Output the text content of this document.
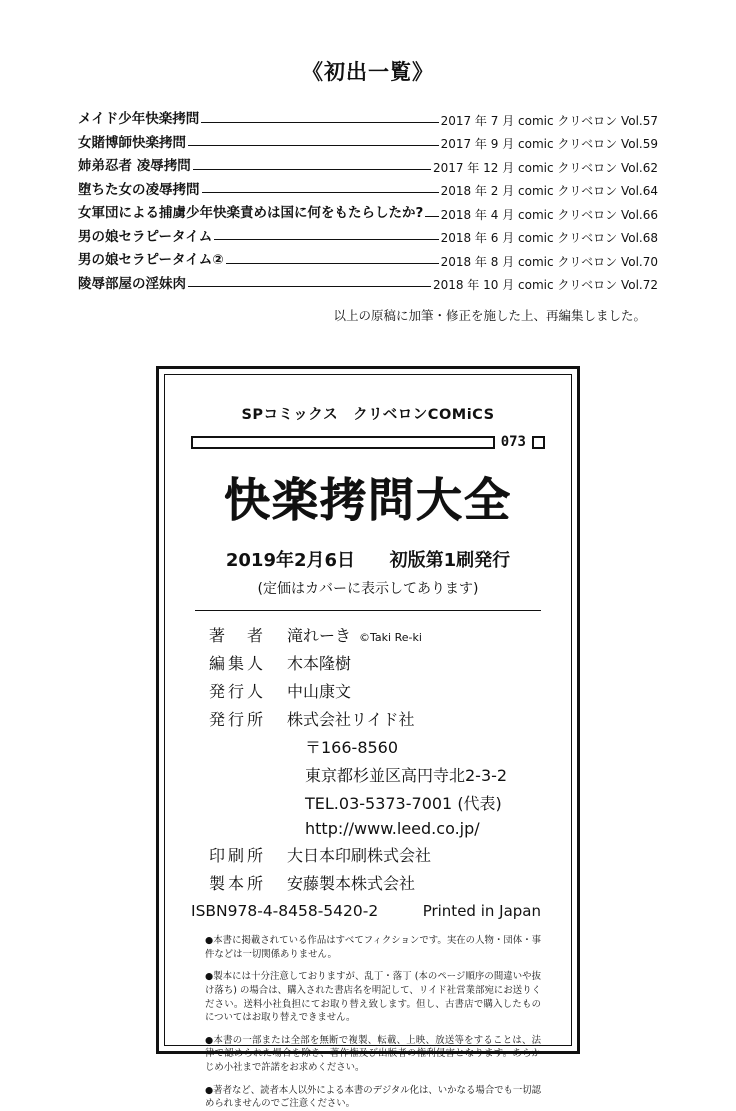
《初出一覧》
メイド少年快楽拷問	2017 年 7 月 comic クリベロン Vol.57
女賭博師快楽拷問	2017 年 9 月 comic クリベロン Vol.59
姉弟忍者 凌辱拷問	2017 年 12 月 comic クリベロン Vol.62
堕ちた女の凌辱拷問	2018 年 2 月 comic クリベロン Vol.64
女軍団による捕虜少年快楽責めは国に何をもたらしたか? 2018 年 4 月 comic クリベロン Vol.66
男の娘セラピータイム	2018 年 6 月 comic クリベロン Vol.68
男の娘セラピータイム②	2018 年 8 月 comic クリベロン Vol.70
陵辱部屋の淫妹肉	2018 年 10 月 comic クリベロン Vol.72
以上の原稿に加筆・修正を施した上、再編集しました。
SPコミックス　クリベロンCOMiCS
073
快楽拷問大全
2019年2月6日 初版第1刷発行
(定価はカバーに表示してあります)
著　者	滝れーき ©Taki Re-ki
編集人	木本隆樹
発行人	中山康文
発行所	株式会社リイド社
〒166-8560
東京都杉並区高円寺北2-3-2
TEL.03-5373-7001 (代表)
http://www.leed.co.jp/
印刷所	大日本印刷株式会社
製本所	安藤製本株式会社
ISBN978-4-8458-5420-2	Printed in Japan
●本書に掲載されている作品はすべてフィクションです。実在の人物・団体・事件などは一切関係ありません。
●製本には十分注意しておりますが、乱丁・落丁 (本のページ順序の間違いや抜け落ち) の場合は、購入された書店名を明記して、リイド社営業部宛にお送りください。送料小社負担にてお取り替え致します。但し、古書店で購入したものについてはお取り替えできません。
●本書の一部または全部を無断で複製、転載、上映、放送等をすることは、法律で認められた場合を除き、著作権及び出版者の権利侵害となります。あらかじめ小社まで許諾をお求めください。
●著者など、読者本人以外による本書のデジタル化は、いかなる場合でも一切認められませんのでご注意ください。
